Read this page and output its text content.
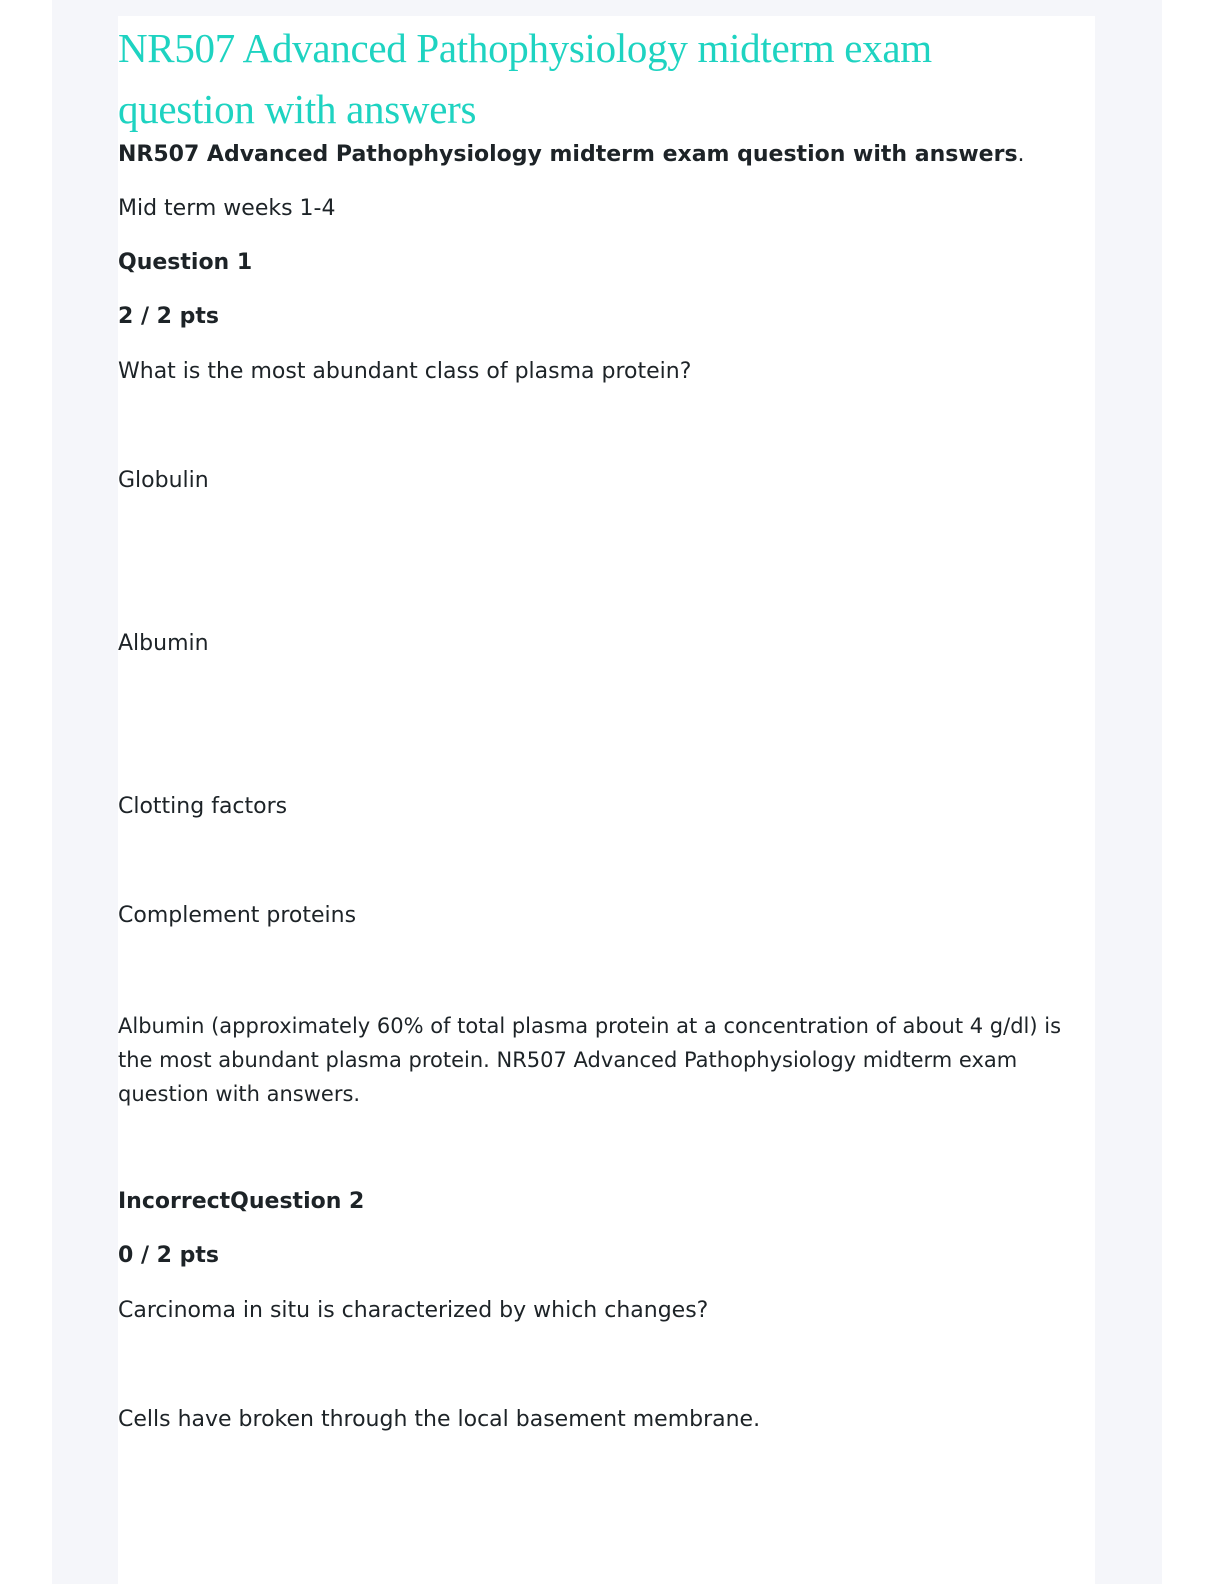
NR507 Advanced Pathophysiology midterm exam question with answers

NR507 Advanced Pathophysiology midterm exam question with answers.

Mid term weeks 1-4

Question 1

2 / 2 pts

What is the most abundant class of plasma protein?

Globulin

Albumin

Clotting factors

Complement proteins

Albumin (approximately 60% of total plasma protein at a concentration of about 4 g/dl) is the most abundant plasma protein. NR507 Advanced Pathophysiology midterm exam question with answers.

IncorrectQuestion 2

0 / 2 pts

Carcinoma in situ is characterized by which changes?

Cells have broken through the local basement membrane.
